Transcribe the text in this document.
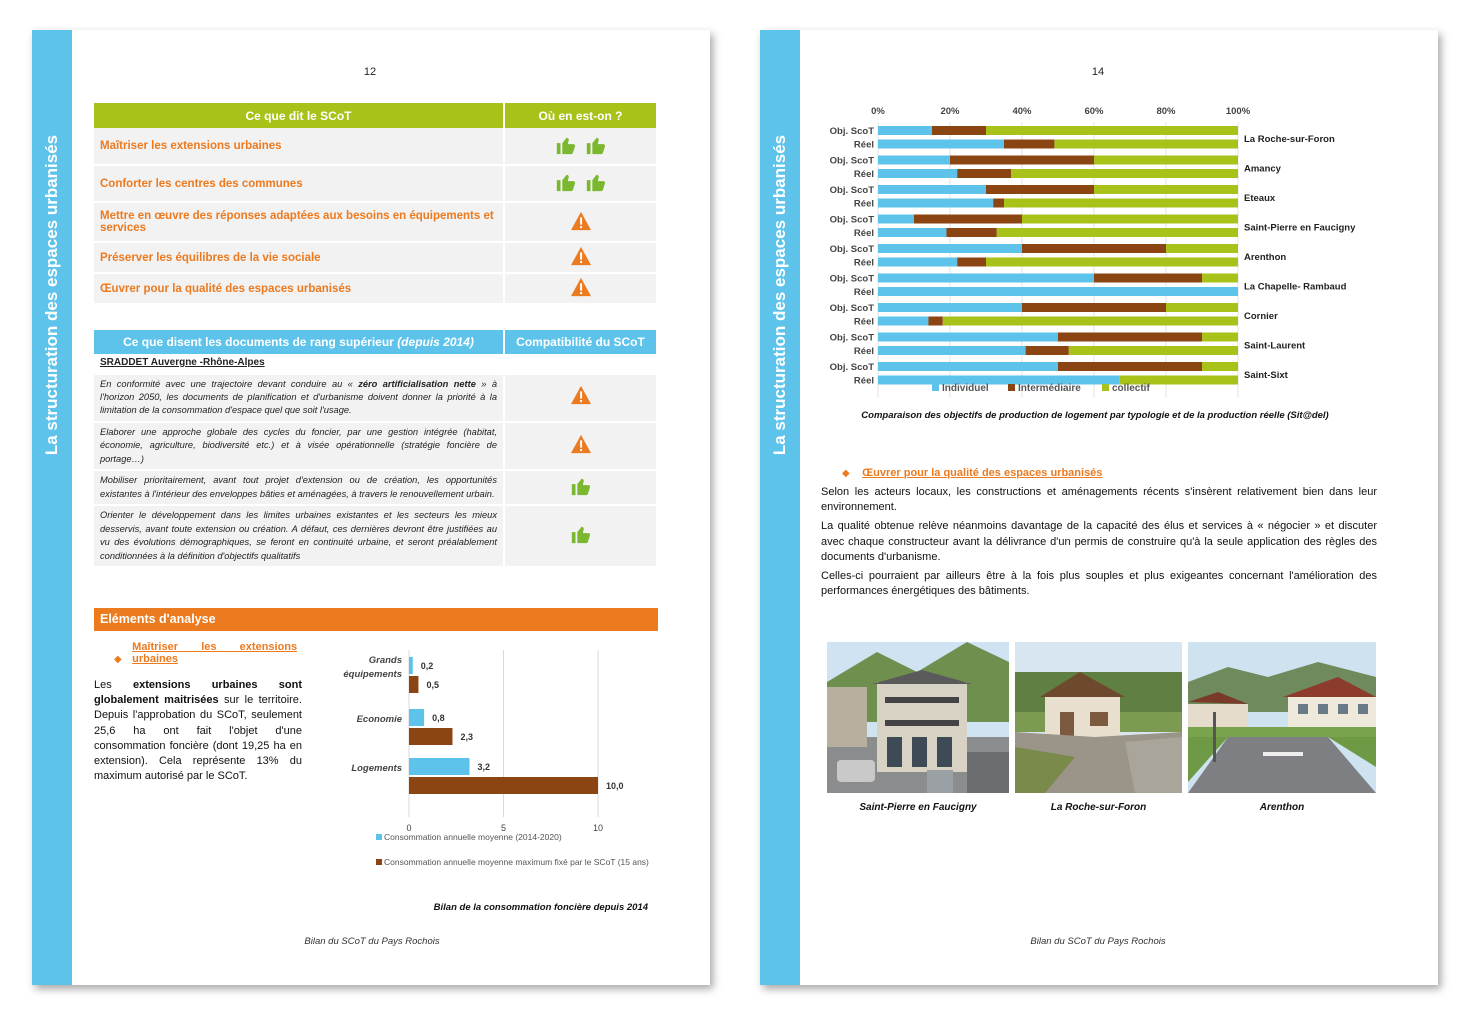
La structuration des espaces urbanisés
12
Ce que dit le SCoT	Où en est-on ?
Maîtriser les extensions urbaines	
Conforter les centres des communes	
Mettre en œuvre des réponses adaptées aux besoins en équipements et services	
Préserver les équilibres de la vie sociale	
Œuvrer pour la qualité des espaces urbanisés	
Ce que disent les documents de rang supérieur (depuis 2014)	Compatibilité du SCoT
SRADDET Auvergne -Rhône-Alpes	
En conformité avec une trajectoire devant conduire au « zéro artificialisation nette » à l'horizon 2050, les documents de planification et d'urbanisme doivent donner la priorité à la limitation de la consommation d'espace quel que soit l'usage.	
Elaborer une approche globale des cycles du foncier, par une gestion intégrée (habitat, économie, agriculture, biodiversité etc.) et à visée opérationnelle (stratégie foncière de portage…)	
Mobiliser prioritairement, avant tout projet d'extension ou de création, les opportunités existantes à l'intérieur des enveloppes bâties et aménagées, à travers le renouvellement urbain.	
Orienter le développement dans les limites urbaines existantes et les secteurs les mieux desservis, avant toute extension ou création. A défaut, ces dernières devront être justifiées au vu des évolutions démographiques, se feront en continuité urbaine, et seront préalablement conditionnées à la définition d'objectifs qualitatifs	
Eléments d'analyse
◆ Maîtriser les extensions urbaines
Les extensions urbaines sont globalement maitrisées sur le territoire. Depuis l'approbation du SCoT, seulement 25,6 ha ont fait l'objet d'une consommation foncière (dont 19,25 ha en extension). Cela représente 13% du maximum autorisé par le SCoT.
0	5	10
Grands
équipements
0,2
0,5
Economie	0,8
2,3
Logements	3,2
10,0
Consommation annuelle moyenne (2014-2020)
Consommation annuelle moyenne maximum fixé par le SCoT (15 ans)
Bilan de la consommation foncière depuis 2014
Bilan du SCoT du Pays Rochois
La structuration des espaces urbanisés
14
0%	20%	40%	60%	80%	100%
Obj. ScoT
Réel	La Roche-sur-Foron
Obj. ScoT
Réel	Amancy
Obj. ScoT
Réel	Eteaux
Obj. ScoT
Réel	Saint-Pierre en Faucigny
Obj. ScoT
Réel	Arenthon
Obj. ScoT
Réel	La Chapelle- Rambaud
Obj. ScoT
Réel	Cornier
Obj. ScoT
Réel	Saint-Laurent
Obj. ScoT
Réel	Saint-Sixt
Individuel	Intermédiaire	collectif
Comparaison des objectifs de production de logement par typologie et de la production réelle (Sit@del)
◆ Œuvrer pour la qualité des espaces urbanisés

Selon les acteurs locaux, les constructions et aménagements récents s'insèrent relativement bien dans leur environnement.

La qualité obtenue relève néanmoins davantage de la capacité des élus et services à « négocier » et discuter avec chaque constructeur avant la délivrance d'un permis de construire qu'à la seule application des règles des documents d'urbanisme.

Celles-ci pourraient par ailleurs être à la fois plus souples et plus exigeantes concernant l'amélioration des performances énergétiques des bâtiments.

Saint-Pierre en Faucigny	La Roche-sur-Foron	Arenthon
Bilan du SCoT du Pays Rochois
